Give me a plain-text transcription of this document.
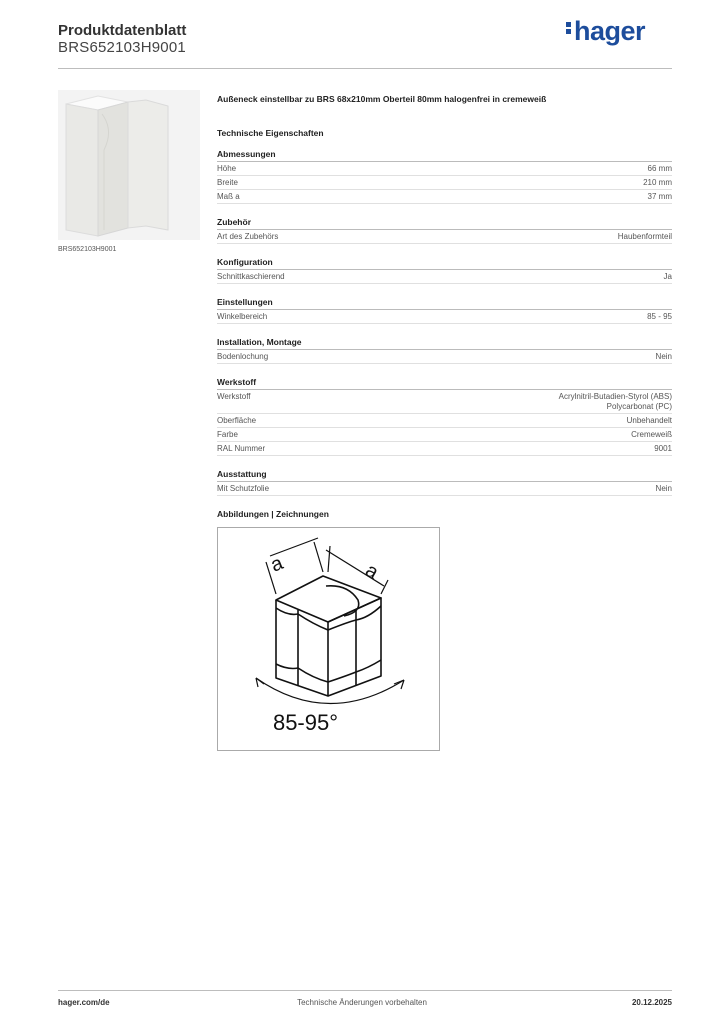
Produktdatenblatt
BRS652103H9001
hager
BRS652103H9001
Außeneck einstellbar zu BRS 68x210mm Oberteil 80mm halogenfrei in cremeweiß
Technische Eigenschaften
Abmessungen
Höhe	66 mm
Breite	210 mm
Maß a	37 mm
Zubehör
Art des Zubehörs	Haubenformteil
Konfiguration
Schnittkaschierend	Ja
Einstellungen
Winkelbereich	85 - 95
Installation, Montage
Bodenlochung	Nein
Werkstoff
Werkstoff	Acrylnitril-Butadien-Styrol (ABS)
Polycarbonat (PC)
Oberfläche	Unbehandelt
Farbe	Cremeweiß
RAL Nummer	9001
Ausstattung
Mit Schutzfolie	Nein
Abbildungen | Zeichnungen
a	a
85-95°
hager.com/de	Technische Änderungen vorbehalten	20.12.2025
